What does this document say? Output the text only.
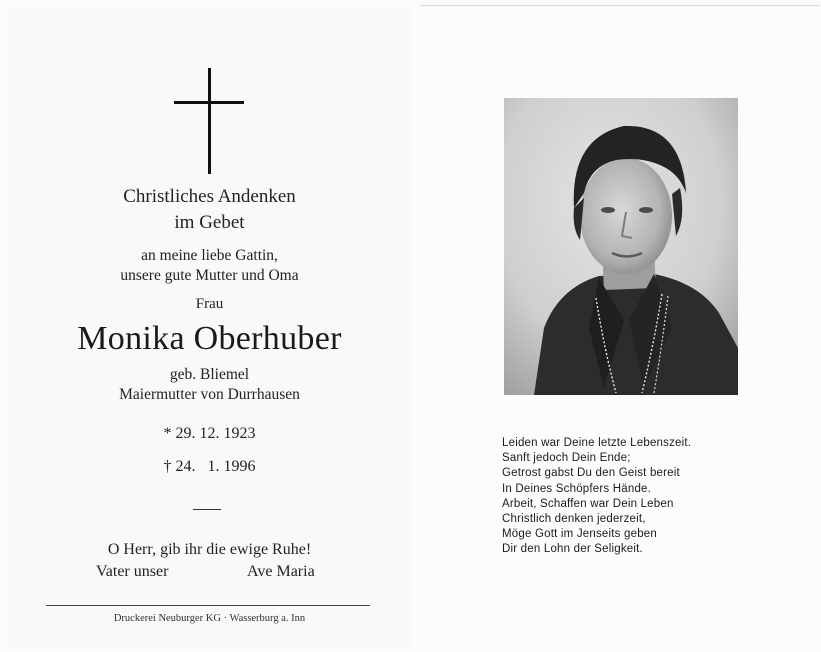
Christliches Andenken
im Gebet
an meine liebe Gattin,
unsere gute Mutter und Oma
Frau
Monika Oberhuber
geb. Bliemel
Maiermutter von Durrhausen
* 29. 12. 1923
† 24.   1. 1996
O Herr, gib ihr die ewige Ruhe!
Vater unser	Ave Maria
Druckerei Neuburger KG · Wasserburg a. Inn
Leiden war Deine letzte Lebenszeit.
Sanft jedoch Dein Ende;
Getrost gabst Du den Geist bereit
In Deines Schöpfers Hände.
Arbeit, Schaffen war Dein Leben
Christlich denken jederzeit,
Möge Gott im Jenseits geben
Dir den Lohn der Seligkeit.
